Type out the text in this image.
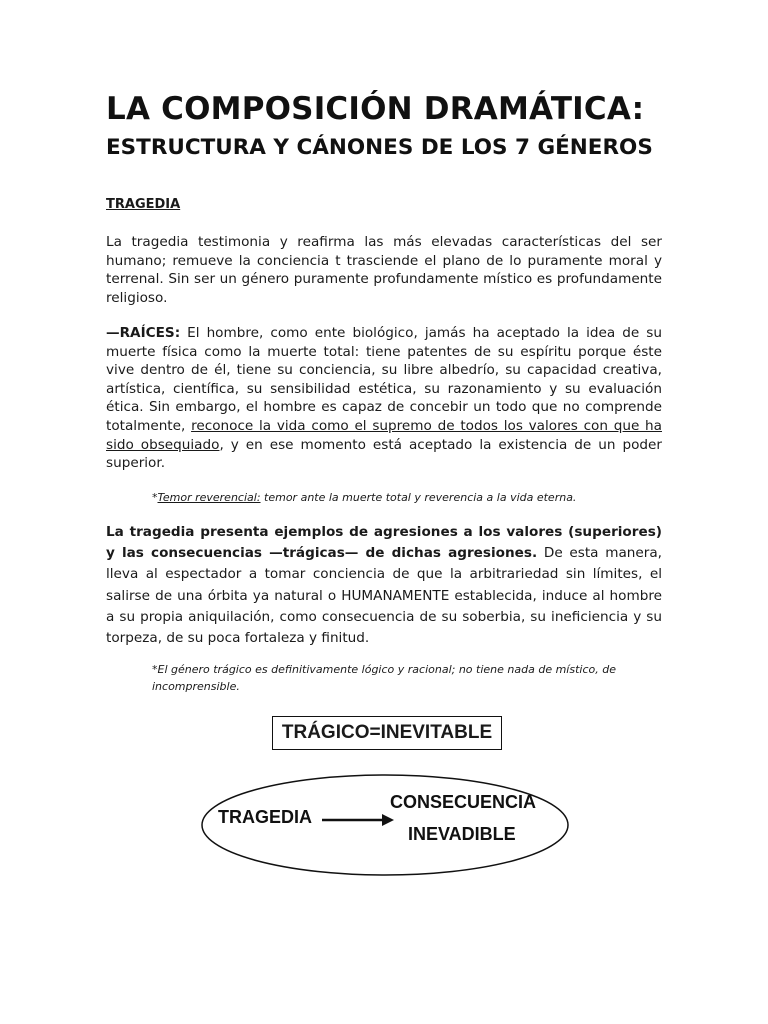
LA COMPOSICIÓN DRAMÁTICA:
ESTRUCTURA Y CÁNONES DE LOS 7 GÉNEROS
TRAGEDIA

La tragedia testimonia y reafirma las más elevadas características del ser humano; remueve la conciencia t trasciende el plano de lo puramente moral y terrenal. Sin ser un género puramente profundamente místico es profundamente religioso.

—RAÍCES: El hombre, como ente biológico, jamás ha aceptado la idea de su muerte física como la muerte total: tiene patentes de su espíritu porque éste vive dentro de él, tiene su conciencia, su libre albedrío, su capacidad creativa, artística, científica, su sensibilidad estética, su razonamiento y su evaluación ética. Sin embargo, el hombre es capaz de concebir un todo que no comprende totalmente, reconoce la vida como el supremo de todos los valores con que ha sido obsequiado, y en ese momento está aceptado la existencia de un poder superior.

*Temor reverencial: temor ante la muerte total y reverencia a la vida eterna.

La tragedia presenta ejemplos de agresiones a los valores (superiores) y las consecuencias —trágicas— de dichas agresiones. De esta manera, lleva al espectador a tomar conciencia de que la arbitrariedad sin límites, el salirse de una órbita ya natural o HUMANAMENTE establecida, induce al hombre a su propia aniquilación, como consecuencia de su soberbia, su ineficiencia y su torpeza, de su poca fortaleza y finitud.

*El género trágico es definitivamente lógico y racional; no tiene nada de místico, de incomprensible.

TRÁGICO=INEVITABLE
TRAGEDIA
CONSECUENCIA
INEVADIBLE
